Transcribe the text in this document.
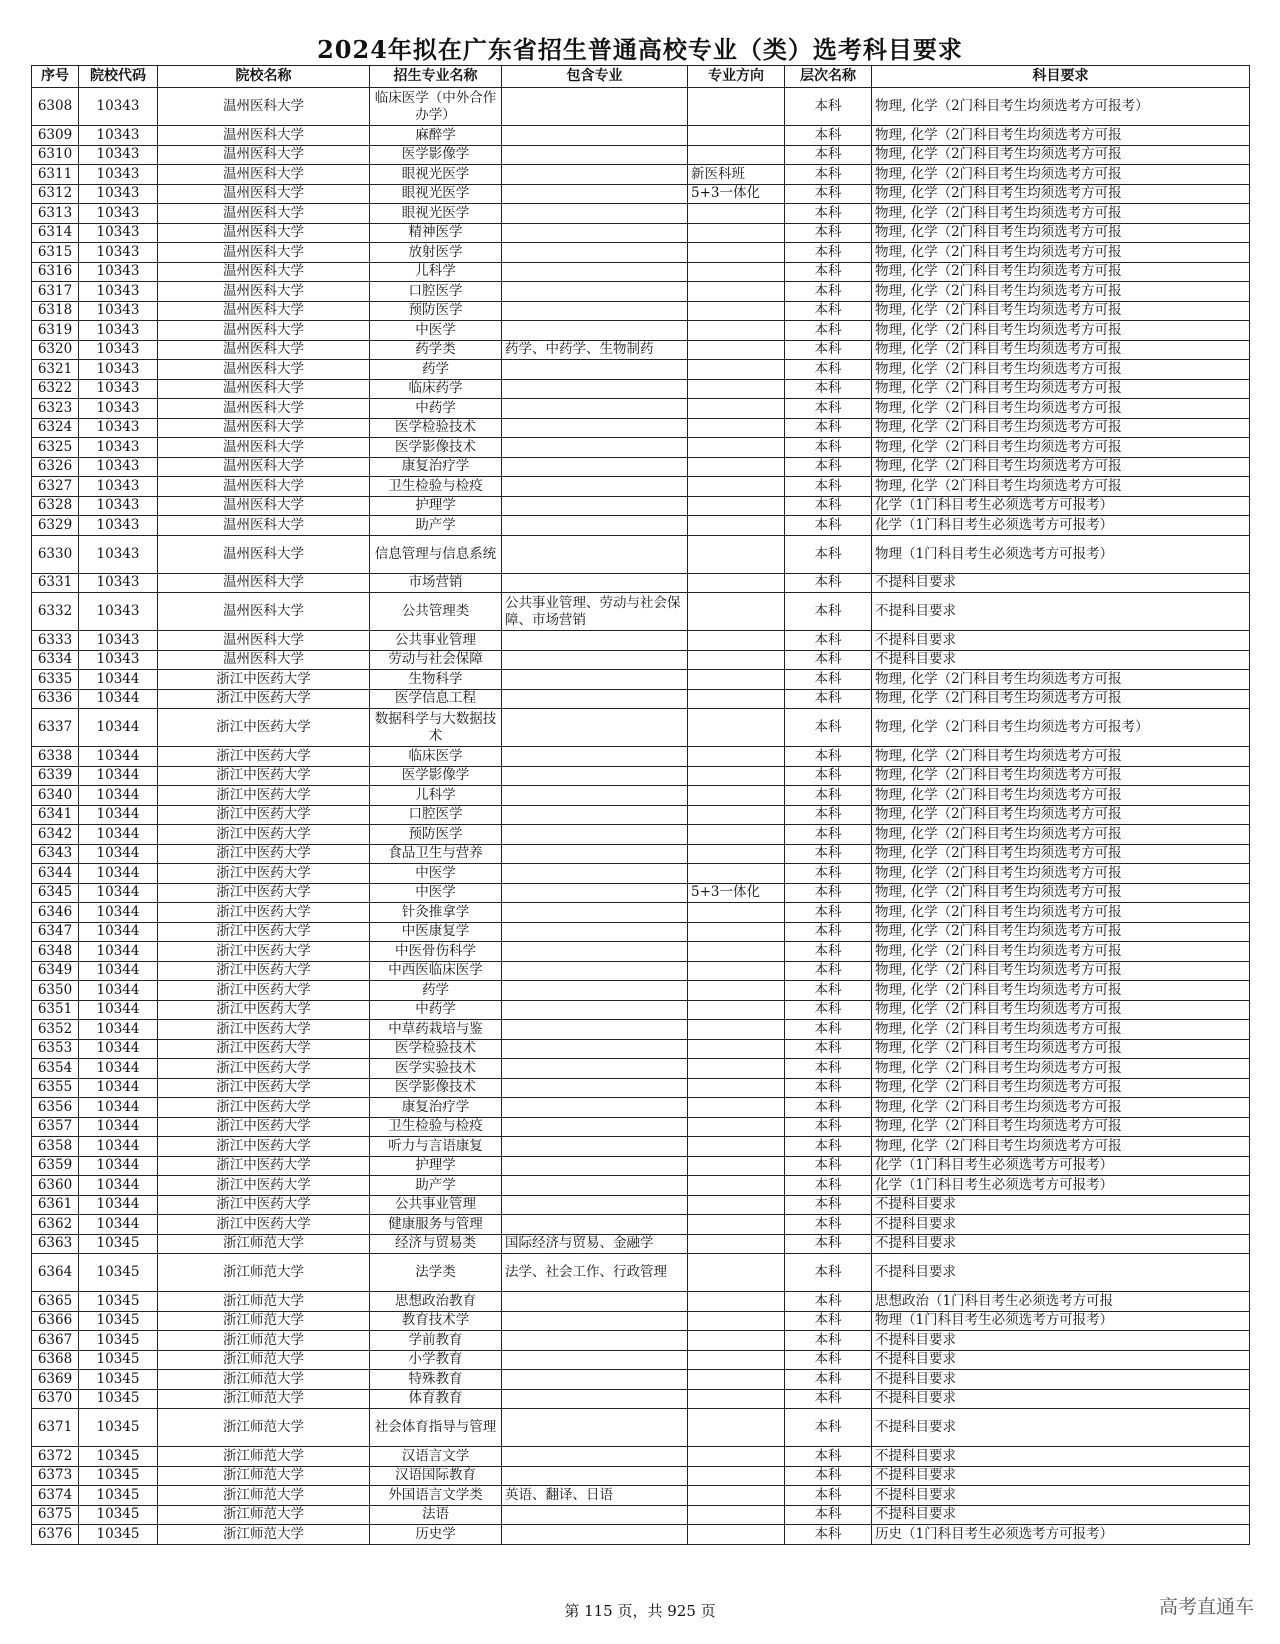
2024年拟在广东省招生普通高校专业（类）选考科目要求
序号	院校代码	院校名称	招生专业名称	包含专业	专业方向	层次名称	科目要求
6308	10343	温州医科大学	临床医学（中外合作办学）			本科	物理, 化学（2门科目考生均须选考方可报考）
6309	10343	温州医科大学	麻醉学			本科	物理, 化学（2门科目考生均须选考方可报
6310	10343	温州医科大学	医学影像学			本科	物理, 化学（2门科目考生均须选考方可报
6311	10343	温州医科大学	眼视光医学		新医科班	本科	物理, 化学（2门科目考生均须选考方可报
6312	10343	温州医科大学	眼视光医学		5+3一体化	本科	物理, 化学（2门科目考生均须选考方可报
6313	10343	温州医科大学	眼视光医学			本科	物理, 化学（2门科目考生均须选考方可报
6314	10343	温州医科大学	精神医学			本科	物理, 化学（2门科目考生均须选考方可报
6315	10343	温州医科大学	放射医学			本科	物理, 化学（2门科目考生均须选考方可报
6316	10343	温州医科大学	儿科学			本科	物理, 化学（2门科目考生均须选考方可报
6317	10343	温州医科大学	口腔医学			本科	物理, 化学（2门科目考生均须选考方可报
6318	10343	温州医科大学	预防医学			本科	物理, 化学（2门科目考生均须选考方可报
6319	10343	温州医科大学	中医学			本科	物理, 化学（2门科目考生均须选考方可报
6320	10343	温州医科大学	药学类	药学、中药学、生物制药		本科	物理, 化学（2门科目考生均须选考方可报
6321	10343	温州医科大学	药学			本科	物理, 化学（2门科目考生均须选考方可报
6322	10343	温州医科大学	临床药学			本科	物理, 化学（2门科目考生均须选考方可报
6323	10343	温州医科大学	中药学			本科	物理, 化学（2门科目考生均须选考方可报
6324	10343	温州医科大学	医学检验技术			本科	物理, 化学（2门科目考生均须选考方可报
6325	10343	温州医科大学	医学影像技术			本科	物理, 化学（2门科目考生均须选考方可报
6326	10343	温州医科大学	康复治疗学			本科	物理, 化学（2门科目考生均须选考方可报
6327	10343	温州医科大学	卫生检验与检疫			本科	物理, 化学（2门科目考生均须选考方可报
6328	10343	温州医科大学	护理学			本科	化学（1门科目考生必须选考方可报考）
6329	10343	温州医科大学	助产学			本科	化学（1门科目考生必须选考方可报考）
6330	10343	温州医科大学	信息管理与信息系统			本科	物理（1门科目考生必须选考方可报考）
6331	10343	温州医科大学	市场营销			本科	不提科目要求
6332	10343	温州医科大学	公共管理类	公共事业管理、劳动与社会保障、市场营销		本科	不提科目要求
6333	10343	温州医科大学	公共事业管理			本科	不提科目要求
6334	10343	温州医科大学	劳动与社会保障			本科	不提科目要求
6335	10344	浙江中医药大学	生物科学			本科	物理, 化学（2门科目考生均须选考方可报
6336	10344	浙江中医药大学	医学信息工程			本科	物理, 化学（2门科目考生均须选考方可报
6337	10344	浙江中医药大学	数据科学与大数据技术			本科	物理, 化学（2门科目考生均须选考方可报考）
6338	10344	浙江中医药大学	临床医学			本科	物理, 化学（2门科目考生均须选考方可报
6339	10344	浙江中医药大学	医学影像学			本科	物理, 化学（2门科目考生均须选考方可报
6340	10344	浙江中医药大学	儿科学			本科	物理, 化学（2门科目考生均须选考方可报
6341	10344	浙江中医药大学	口腔医学			本科	物理, 化学（2门科目考生均须选考方可报
6342	10344	浙江中医药大学	预防医学			本科	物理, 化学（2门科目考生均须选考方可报
6343	10344	浙江中医药大学	食品卫生与营养			本科	物理, 化学（2门科目考生均须选考方可报
6344	10344	浙江中医药大学	中医学			本科	物理, 化学（2门科目考生均须选考方可报
6345	10344	浙江中医药大学	中医学		5+3一体化	本科	物理, 化学（2门科目考生均须选考方可报
6346	10344	浙江中医药大学	针灸推拿学			本科	物理, 化学（2门科目考生均须选考方可报
6347	10344	浙江中医药大学	中医康复学			本科	物理, 化学（2门科目考生均须选考方可报
6348	10344	浙江中医药大学	中医骨伤科学			本科	物理, 化学（2门科目考生均须选考方可报
6349	10344	浙江中医药大学	中西医临床医学			本科	物理, 化学（2门科目考生均须选考方可报
6350	10344	浙江中医药大学	药学			本科	物理, 化学（2门科目考生均须选考方可报
6351	10344	浙江中医药大学	中药学			本科	物理, 化学（2门科目考生均须选考方可报
6352	10344	浙江中医药大学	中草药栽培与鉴			本科	物理, 化学（2门科目考生均须选考方可报
6353	10344	浙江中医药大学	医学检验技术			本科	物理, 化学（2门科目考生均须选考方可报
6354	10344	浙江中医药大学	医学实验技术			本科	物理, 化学（2门科目考生均须选考方可报
6355	10344	浙江中医药大学	医学影像技术			本科	物理, 化学（2门科目考生均须选考方可报
6356	10344	浙江中医药大学	康复治疗学			本科	物理, 化学（2门科目考生均须选考方可报
6357	10344	浙江中医药大学	卫生检验与检疫			本科	物理, 化学（2门科目考生均须选考方可报
6358	10344	浙江中医药大学	听力与言语康复			本科	物理, 化学（2门科目考生均须选考方可报
6359	10344	浙江中医药大学	护理学			本科	化学（1门科目考生必须选考方可报考）
6360	10344	浙江中医药大学	助产学			本科	化学（1门科目考生必须选考方可报考）
6361	10344	浙江中医药大学	公共事业管理			本科	不提科目要求
6362	10344	浙江中医药大学	健康服务与管理			本科	不提科目要求
6363	10345	浙江师范大学	经济与贸易类	国际经济与贸易、金融学		本科	不提科目要求
6364	10345	浙江师范大学	法学类	法学、社会工作、行政管理		本科	不提科目要求
6365	10345	浙江师范大学	思想政治教育			本科	思想政治（1门科目考生必须选考方可报
6366	10345	浙江师范大学	教育技术学			本科	物理（1门科目考生必须选考方可报考）
6367	10345	浙江师范大学	学前教育			本科	不提科目要求
6368	10345	浙江师范大学	小学教育			本科	不提科目要求
6369	10345	浙江师范大学	特殊教育			本科	不提科目要求
6370	10345	浙江师范大学	体育教育			本科	不提科目要求
6371	10345	浙江师范大学	社会体育指导与管理			本科	不提科目要求
6372	10345	浙江师范大学	汉语言文学			本科	不提科目要求
6373	10345	浙江师范大学	汉语国际教育			本科	不提科目要求
6374	10345	浙江师范大学	外国语言文学类	英语、翻译、日语		本科	不提科目要求
6375	10345	浙江师范大学	法语			本科	不提科目要求
6376	10345	浙江师范大学	历史学			本科	历史（1门科目考生必须选考方可报考）
第 115 页，共 925 页	高考直通车
